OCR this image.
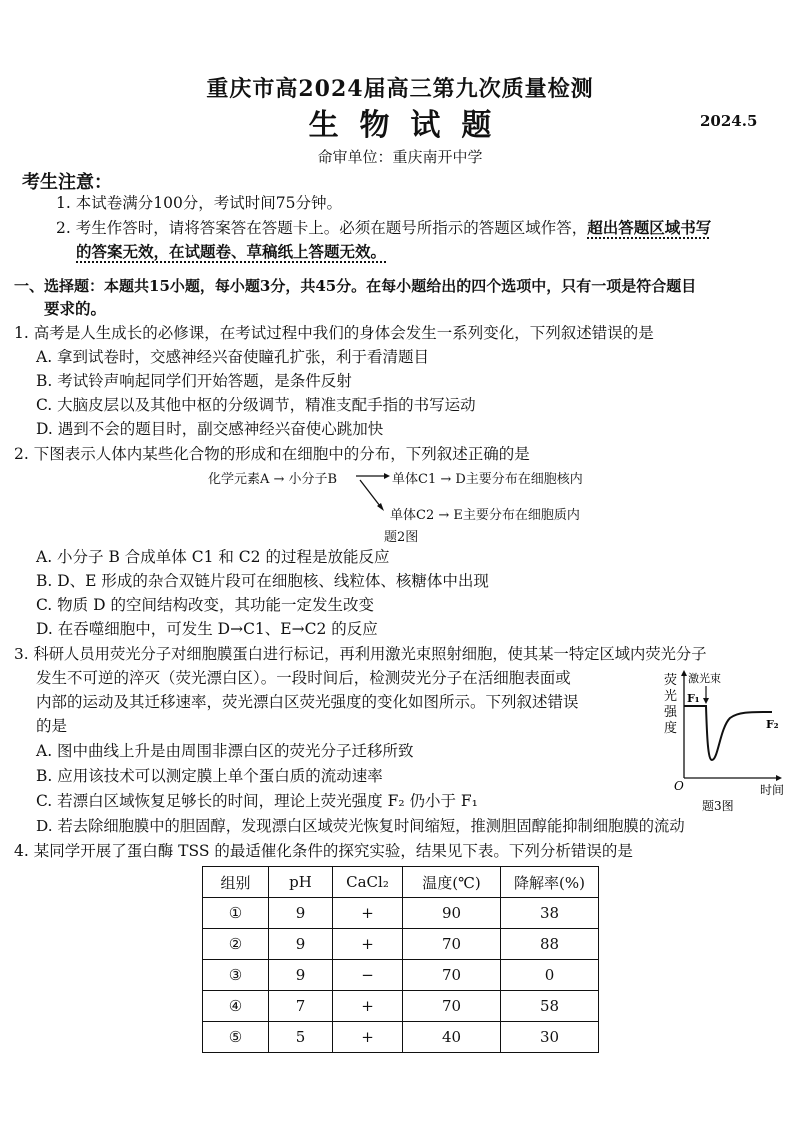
重庆市高2024届高三第九次质量检测
生  物  试  题	2024.5
命审单位：重庆南开中学
考生注意：
1. 本试卷满分100分，考试时间75分钟。
2. 考生作答时，请将答案答在答题卡上。必须在题号所指示的答题区域作答，超出答题区域书写
的答案无效，在试题卷、草稿纸上答题无效。
一、选择题：本题共15小题，每小题3分，共45分。在每小题给出的四个选项中，只有一项是符合题目
要求的。
1. 高考是人生成长的必修课，在考试过程中我们的身体会发生一系列变化，下列叙述错误的是
A. 拿到试卷时，交感神经兴奋使瞳孔扩张，利于看清题目
B. 考试铃声响起同学们开始答题，是条件反射
C. 大脑皮层以及其他中枢的分级调节，精准支配手指的书写运动
D. 遇到不会的题目时，副交感神经兴奋使心跳加快
2. 下图表示人体内某些化合物的形成和在细胞中的分布，下列叙述正确的是
化学元素A → 小分子B	单体C1 → D主要分布在细胞核内
单体C2 → E主要分布在细胞质内
题2图
A. 小分子 B 合成单体 C1 和 C2 的过程是放能反应
B. D、E 形成的杂合双链片段可在细胞核、线粒体、核糖体中出现
C. 物质 D 的空间结构改变，其功能一定发生改变
D. 在吞噬细胞中，可发生 D→C1、E→C2 的反应
3. 科研人员用荧光分子对细胞膜蛋白进行标记，再利用激光束照射细胞，使其某一特定区域内荧光分子
发生不可逆的淬灭（荧光漂白区）。一段时间后，检测荧光分子在活细胞表面或
内部的运动及其迁移速率，荧光漂白区荧光强度的变化如图所示。下列叙述错误
的是
A. 图中曲线上升是由周围非漂白区的荧光分子迁移所致
B. 应用该技术可以测定膜上单个蛋白质的流动速率
C. 若漂白区域恢复足够长的时间，理论上荧光强度 F₂ 仍小于 F₁
D. 若去除细胞膜中的胆固醇，发现漂白区域荧光恢复时间缩短，推测胆固醇能抑制细胞膜的流动
荧
光
强
度
激光束
F₁
F₂
O	时间
题3图
4. 某同学开展了蛋白酶 TSS 的最适催化条件的探究实验，结果见下表。下列分析错误的是
组别	pH	CaCl₂	温度(℃)	降解率(%)
①	9	+	90	38
②	9	+	70	88
③	9	−	70	0
④	7	+	70	58
⑤	5	+	40	30
